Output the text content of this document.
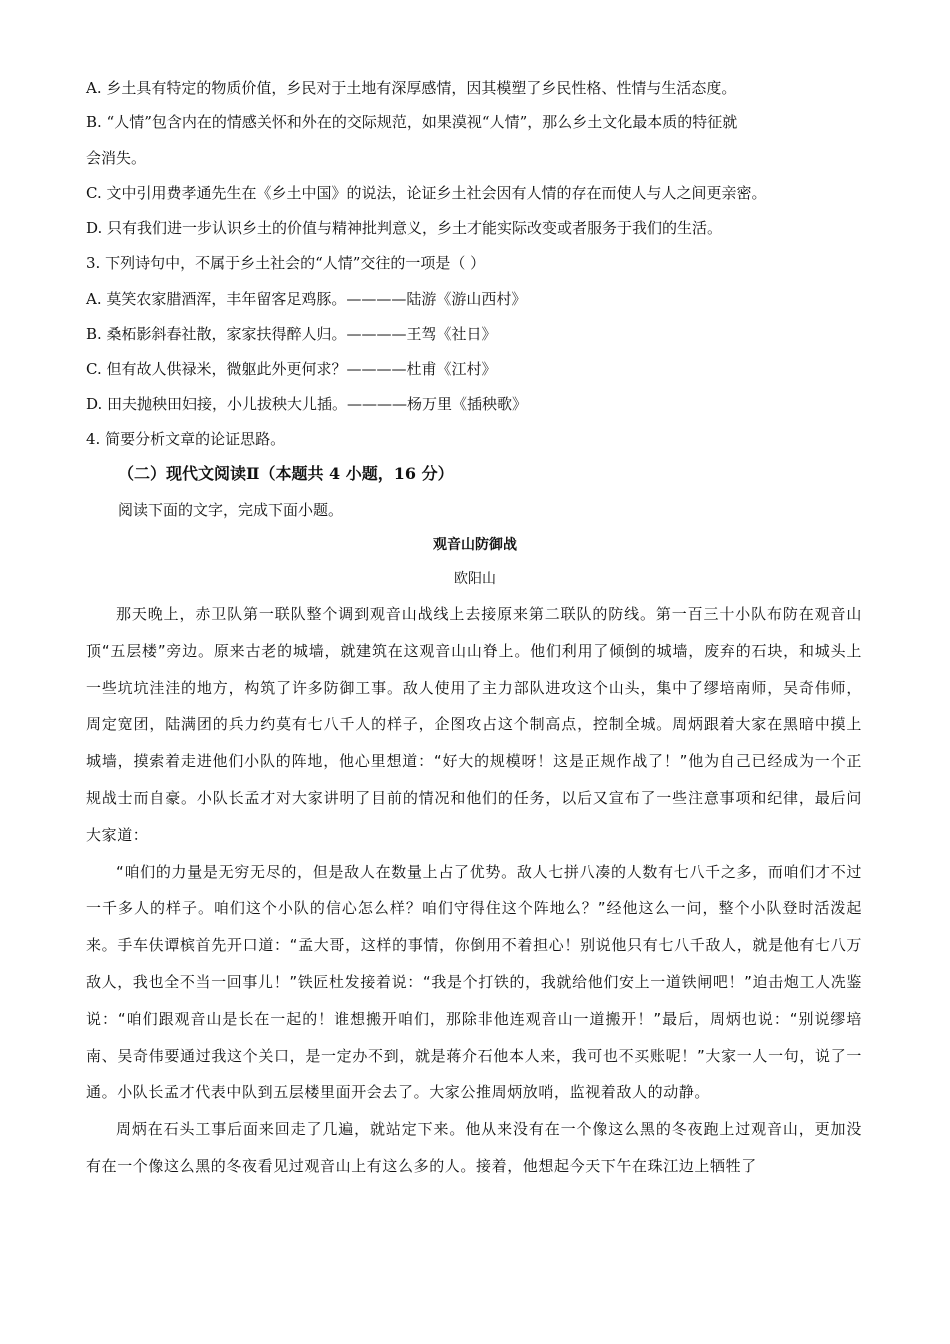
A. 乡土具有特定的物质价值，乡民对于土地有深厚感情，因其模塑了乡民性格、性情与生活态度。
B. “人情”包含内在的情感关怀和外在的交际规范，如果漠视“人情”，那么乡土文化最本质的特征就
会消失。
C. 文中引用费孝通先生在《乡土中国》的说法，论证乡土社会因有人情的存在而使人与人之间更亲密。
D. 只有我们进一步认识乡土的价值与精神批判意义，乡土才能实际改变或者服务于我们的生活。
3. 下列诗句中，不属于乡土社会的“人情”交往的一项是（ ）
A. 莫笑农家腊酒浑，丰年留客足鸡豚。————陆游《游山西村》
B. 桑柘影斜春社散，家家扶得醉人归。————王驾《社日》
C. 但有故人供禄米，微躯此外更何求？————杜甫《江村》
D. 田夫抛秧田妇接，小儿拔秧大儿插。————杨万里《插秧歌》
4. 简要分析文章的论证思路。
（二）现代文阅读Ⅱ（本题共 4 小题，16 分）
阅读下面的文字，完成下面小题。
观音山防御战
欧阳山

那天晚上，赤卫队第一联队整个调到观音山战线上去接原来第二联队的防线。第一百三十小队布防在观音山顶“五层楼”旁边。原来古老的城墙，就建筑在这观音山山脊上。他们利用了倾倒的城墙，废弃的石块，和城头上一些坑坑洼洼的地方，构筑了许多防御工事。敌人使用了主力部队进攻这个山头，集中了缪培南师，吴奇伟师，周定宽团，陆满团的兵力约莫有七八千人的样子，企图攻占这个制高点，控制全城。周炳跟着大家在黑暗中摸上城墙，摸索着走进他们小队的阵地，他心里想道：“好大的规模呀！这是正规作战了！”他为自己已经成为一个正规战士而自豪。小队长孟才对大家讲明了目前的情况和他们的任务，以后又宣布了一些注意事项和纪律，最后问大家道：

“咱们的力量是无穷无尽的，但是敌人在数量上占了优势。敌人七拼八凑的人数有七八千之多，而咱们才不过一千多人的样子。咱们这个小队的信心怎么样？咱们守得住这个阵地么？”经他这么一问，整个小队登时活泼起来。手车伕谭槟首先开口道：“孟大哥，这样的事情，你倒用不着担心！别说他只有七八千敌人，就是他有七八万敌人，我也全不当一回事儿！”铁匠杜发接着说：“我是个打铁的，我就给他们安上一道铁闸吧！”迫击炮工人冼鉴说：“咱们跟观音山是长在一起的！谁想搬开咱们，那除非他连观音山一道搬开！”最后，周炳也说：“别说缪培南、吴奇伟要通过我这个关口，是一定办不到，就是蒋介石他本人来，我可也不买账呢！”大家一人一句，说了一通。小队长孟才代表中队到五层楼里面开会去了。大家公推周炳放哨，监视着敌人的动静。

周炳在石头工事后面来回走了几遍，就站定下来。他从来没有在一个像这么黑的冬夜跑上过观音山，更加没有在一个像这么黑的冬夜看见过观音山上有这么多的人。接着，他想起今天下午在珠江边上牺牲了
